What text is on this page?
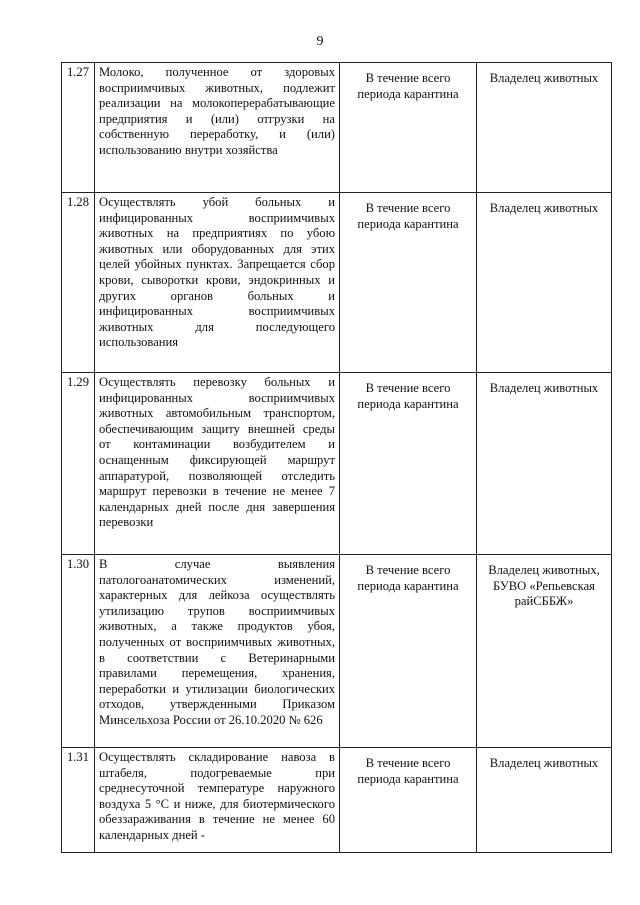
9
1.27	Молоко, полученное от здоровых восприимчивых животных, подлежит реализации на молокоперерабатывающие предприятия и (или) отгрузки на собственную переработку, и (или) использованию внутри хозяйства	В течение всего периода карантина	Владелец животных
1.28	Осуществлять убой больных и инфицированных восприимчивых животных на предприятиях по убою животных или оборудованных для этих целей убойных пунктах. Запрещается сбор крови, сыворотки крови, эндокринных и других органов больных и инфицированных восприимчивых животных для последующего использования	В течение всего периода карантина	Владелец животных
1.29	Осуществлять перевозку больных и инфицированных восприимчивых животных автомобильным транспортом, обеспечивающим защиту внешней среды от контаминации возбудителем и оснащенным фиксирующей маршрут аппаратурой, позволяющей отследить маршрут перевозки в течение не менее 7 календарных дней после дня завершения перевозки	В течение всего периода карантина	Владелец животных
1.30	В случае выявления патологоанатомических изменений, характерных для лейкоза осуществлять утилизацию трупов восприимчивых животных, а также продуктов убоя, полученных от восприимчивых животных, в соответствии с Ветеринарными правилами перемещения, хранения, переработки и утилизации биологических отходов, утвержденными Приказом Минсельхоза России от 26.10.2020 № 626	В течение всего периода карантина	Владелец животных, БУВО «Репьевская райСББЖ»
1.31	Осуществлять складирование навоза в штабеля, подогреваемые при среднесуточной температуре наружного воздуха 5 °С и ниже, для биотермического обеззараживания в течение не менее 60 календарных дней -	В течение всего периода карантина	Владелец животных
